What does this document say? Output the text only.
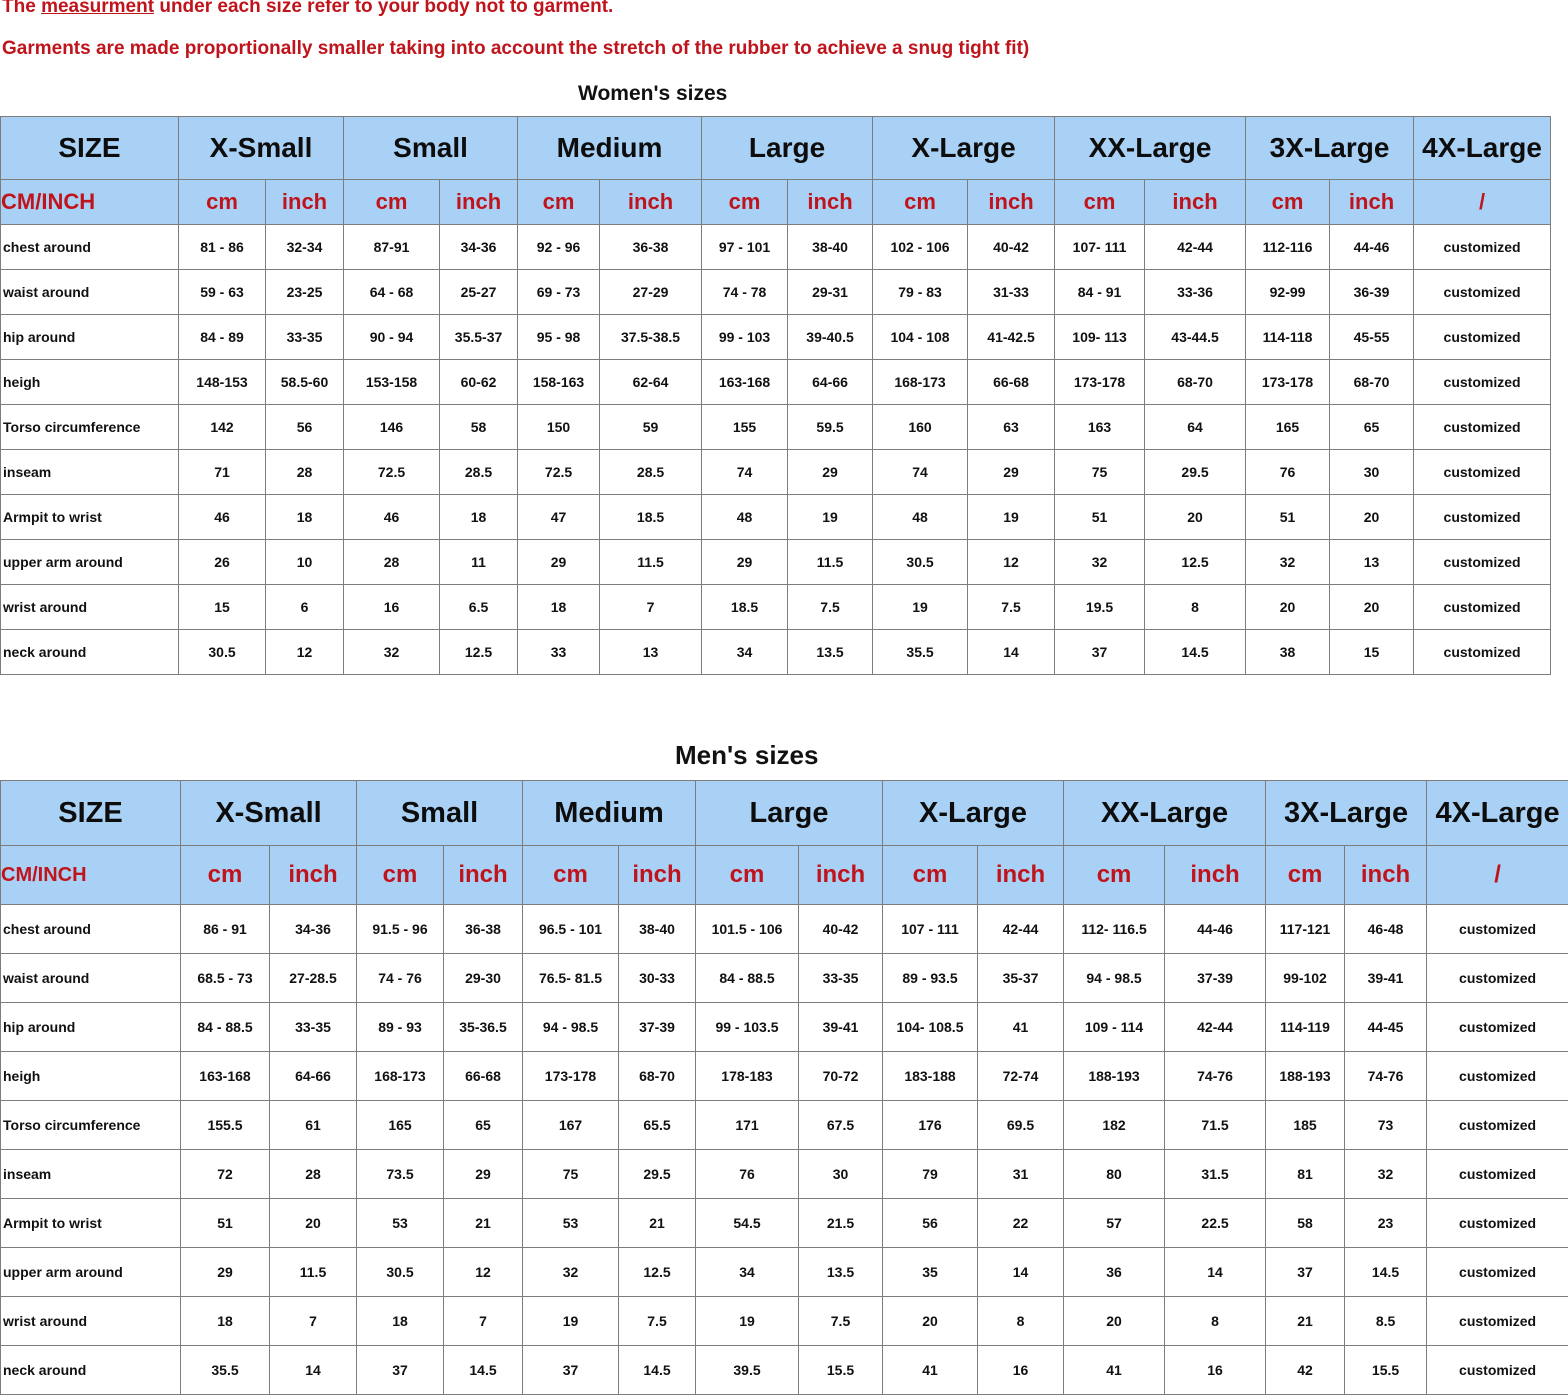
The measurment under each size refer to your body not to garment.
Garments are made proportionally smaller taking into account the stretch of the rubber to achieve a snug tight fit)
Women's sizes
SIZE	X-Small		Small		Medium		Large		X-Large		XX-Large		3X-Large		4X-Large
CM/INCH	cm	inch	cm	inch	cm	inch	cm	inch	cm	inch	cm	inch	cm	inch	/
chest around	81 - 86	32-34	87-91	34-36	92 - 96	36-38	97 - 101	38-40	102 - 106	40-42	107- 111	42-44	112-116	44-46	customized
waist around	59 - 63	23-25	64 - 68	25-27	69 - 73	27-29	74 - 78	29-31	79 - 83	31-33	84 - 91	33-36	92-99	36-39	customized
hip around	84 - 89	33-35	90 - 94	35.5-37	95 - 98	37.5-38.5	99 - 103	39-40.5	104 - 108	41-42.5	109- 113	43-44.5	114-118	45-55	customized
heigh	148-153	58.5-60	153-158	60-62	158-163	62-64	163-168	64-66	168-173	66-68	173-178	68-70	173-178	68-70	customized
Torso circumference	142	56	146	58	150	59	155	59.5	160	63	163	64	165	65	customized
inseam	71	28	72.5	28.5	72.5	28.5	74	29	74	29	75	29.5	76	30	customized
Armpit to wrist	46	18	46	18	47	18.5	48	19	48	19	51	20	51	20	customized
upper arm around	26	10	28	11	29	11.5	29	11.5	30.5	12	32	12.5	32	13	customized
wrist around	15	6	16	6.5	18	7	18.5	7.5	19	7.5	19.5	8	20	20	customized
neck around	30.5	12	32	12.5	33	13	34	13.5	35.5	14	37	14.5	38	15	customized
Men's sizes
SIZE	X-Small		Small		Medium		Large		X-Large		XX-Large		3X-Large		4X-Large
CM/INCH	cm	inch	cm	inch	cm	inch	cm	inch	cm	inch	cm	inch	cm	inch	/
chest around	86 - 91	34-36	91.5 - 96	36-38	96.5 - 101	38-40	101.5 - 106	40-42	107 - 111	42-44	112- 116.5	44-46	117-121	46-48	customized
waist around	68.5 - 73	27-28.5	74 - 76	29-30	76.5- 81.5	30-33	84 - 88.5	33-35	89 - 93.5	35-37	94 - 98.5	37-39	99-102	39-41	customized
hip around	84 - 88.5	33-35	89 - 93	35-36.5	94 - 98.5	37-39	99 - 103.5	39-41	104- 108.5	41	109 - 114	42-44	114-119	44-45	customized
heigh	163-168	64-66	168-173	66-68	173-178	68-70	178-183	70-72	183-188	72-74	188-193	74-76	188-193	74-76	customized
Torso circumference	155.5	61	165	65	167	65.5	171	67.5	176	69.5	182	71.5	185	73	customized
inseam	72	28	73.5	29	75	29.5	76	30	79	31	80	31.5	81	32	customized
Armpit to wrist	51	20	53	21	53	21	54.5	21.5	56	22	57	22.5	58	23	customized
upper arm around	29	11.5	30.5	12	32	12.5	34	13.5	35	14	36	14	37	14.5	customized
wrist around	18	7	18	7	19	7.5	19	7.5	20	8	20	8	21	8.5	customized
neck around	35.5	14	37	14.5	37	14.5	39.5	15.5	41	16	41	16	42	15.5	customized
